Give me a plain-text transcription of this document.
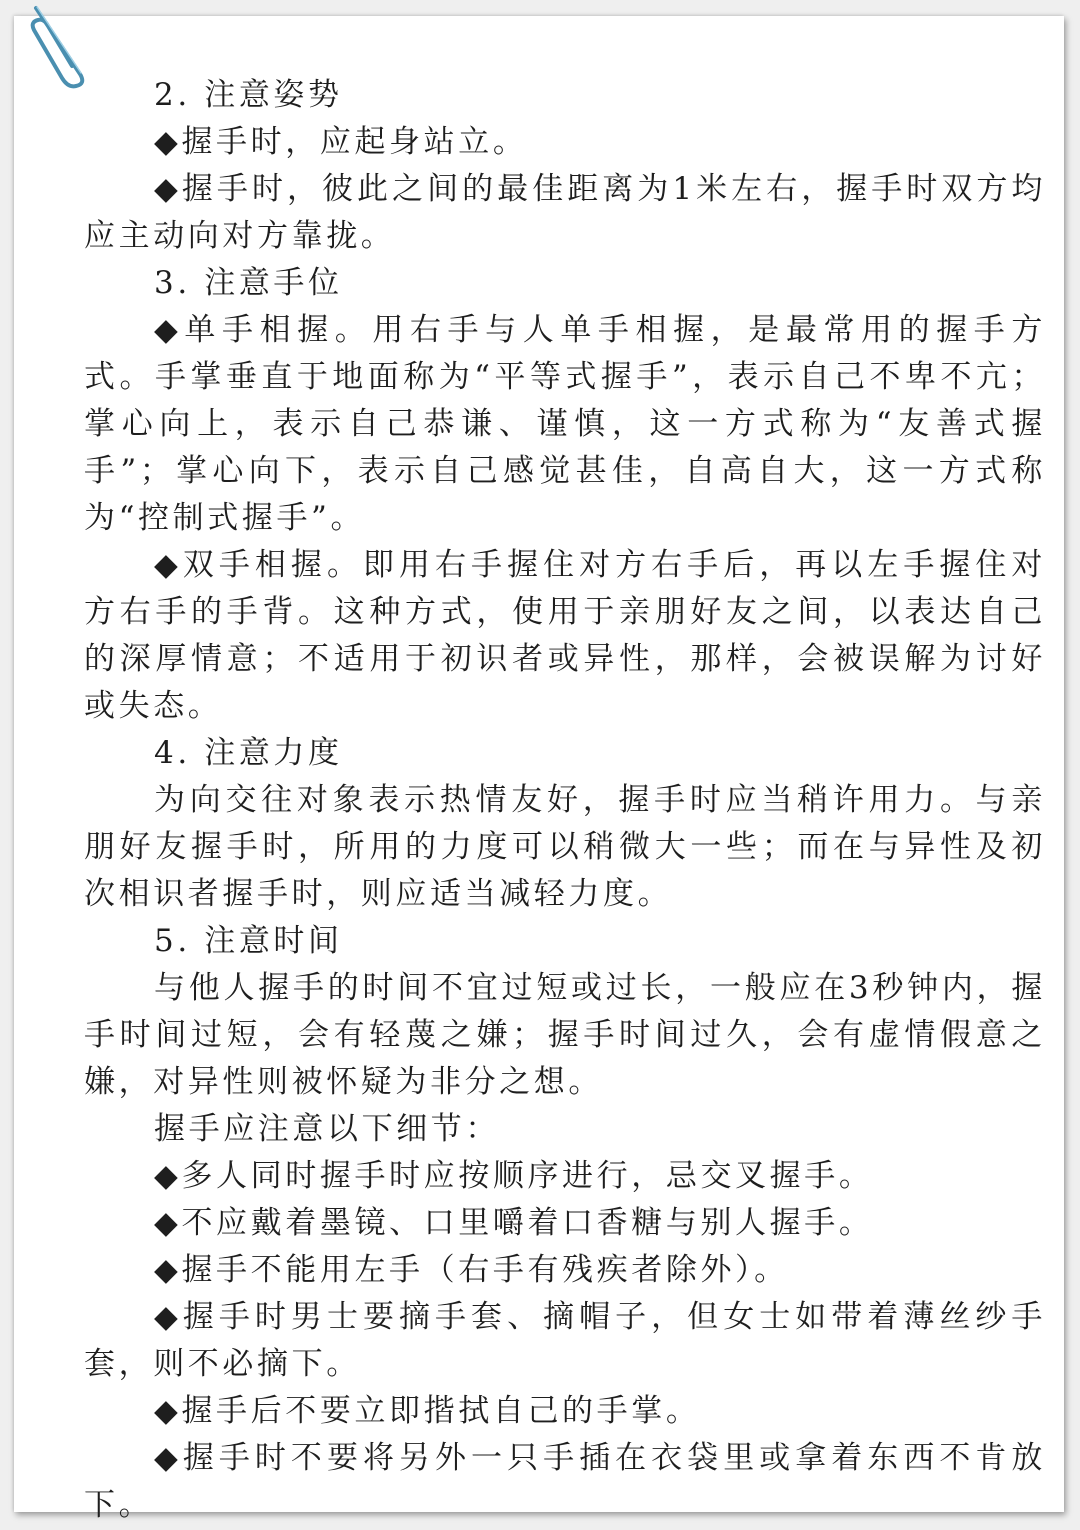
2. 注意姿势

◆握手时，应起身站立。

◆握手时，彼此之间的最佳距离为1米左右，握手时双方均应主动向对方靠拢。

3. 注意手位

◆单手相握。用右手与人单手相握，是最常用的握手方式。手掌垂直于地面称为“平等式握手”，表示自己不卑不亢；掌心向上，表示自己恭谦、谨慎，这一方式称为“友善式握手”；掌心向下，表示自己感觉甚佳，自高自大，这一方式称为“控制式握手”。

◆双手相握。即用右手握住对方右手后，再以左手握住对方右手的手背。这种方式，使用于亲朋好友之间，以表达自己的深厚情意；不适用于初识者或异性，那样，会被误解为讨好或失态。

4. 注意力度

为向交往对象表示热情友好，握手时应当稍许用力。与亲朋好友握手时，所用的力度可以稍微大一些；而在与异性及初次相识者握手时，则应适当减轻力度。

5. 注意时间

与他人握手的时间不宜过短或过长，一般应在3秒钟内，握手时间过短，会有轻蔑之嫌；握手时间过久，会有虚情假意之嫌，对异性则被怀疑为非分之想。

握手应注意以下细节：

◆多人同时握手时应按顺序进行，忌交叉握手。

◆不应戴着墨镜、口里嚼着口香糖与别人握手。

◆握手不能用左手（右手有残疾者除外）。

◆握手时男士要摘手套、摘帽子，但女士如带着薄丝纱手套，则不必摘下。

◆握手后不要立即揩拭自己的手掌。

◆握手时不要将另外一只手插在衣袋里或拿着东西不肯放下。
